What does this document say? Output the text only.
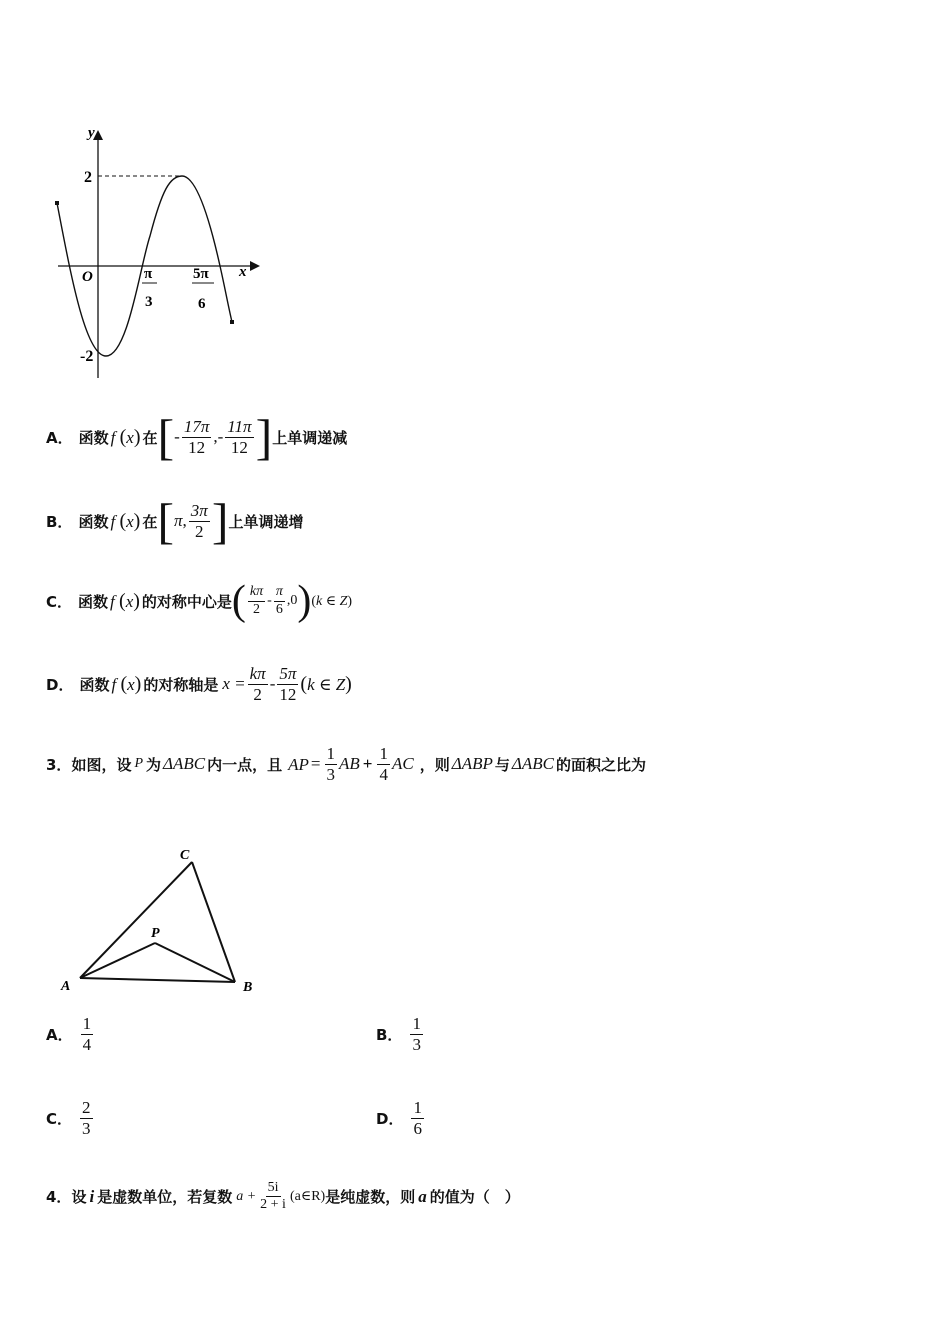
y
x
O
2
-2
π
3
5π
6
A． 函数 f (x) 在 [ - $\frac{17\pi}{12}$ , - $\frac{11\pi}{12}$ ] 上单调递减
B． 函数 f (x) 在 [ π , $\frac{3\pi}{2}$ ] 上单调递增
C． 函数 f (x) 的对称中心是 ( $\frac{k\pi}{2} - \frac{\pi}{6} ,0$ ) (k ∈ Z)
D． 函数 f (x) 的对称轴是 $x = \frac{k\pi}{2} - \frac{5\pi}{12} (k$ ∈ Z)
3． 如图，设 P 为 ΔABC 内一点，且 AP = $\frac{1}{3}$ AB + $\frac{1}{4}$ AC ，则 ΔABP 与 ΔABC 的面积之比为
A	B
C
P
A． $\frac{1}{4}$	B． $\frac{1}{3}$
C． $\frac{2}{3}$	D． $\frac{1}{6}$
4． 设 i 是虚数单位，若复数 $a + \frac{5i}{2 + i}$ (a∈R) 是纯虚数，则 a 的值为（　）
